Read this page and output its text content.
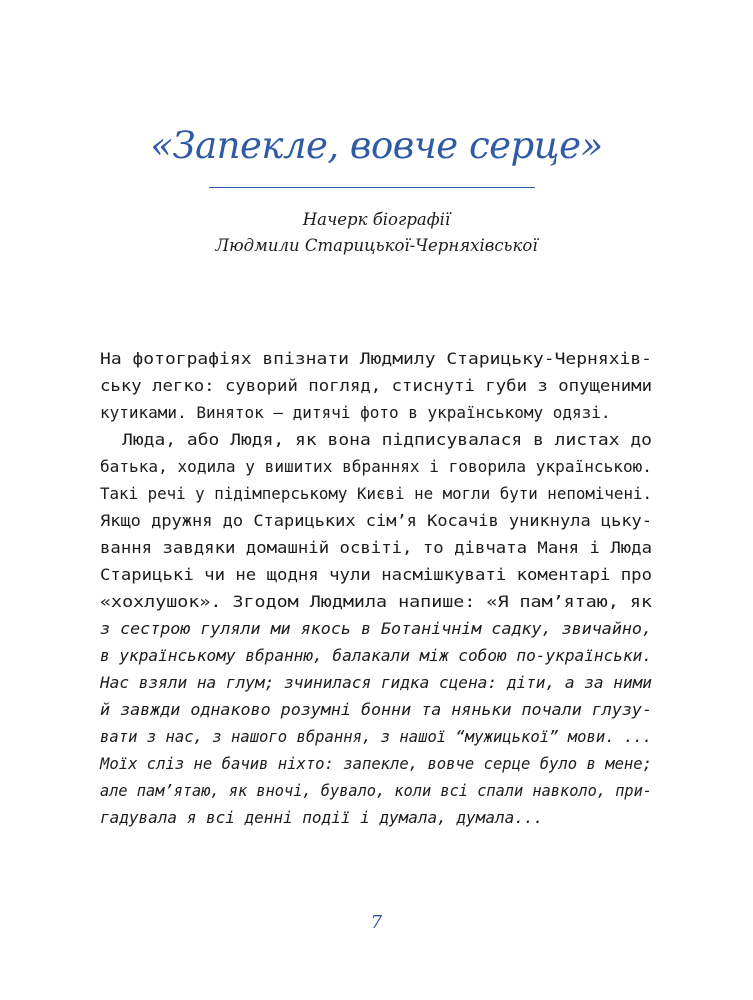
«Запекле, вовче серце»
Начерк біографії
Людмили Старицької-Черняхівської
На фотографіях впізнати Людмилу Старицьку-Черняхів-
ську легко: суворий погляд, стиснуті губи з опущеними
кутиками. Виняток — дитячі фото в українському одязі.
Люда, або Людя, як вона підписувалася в листах до
батька, ходила у вишитих вбраннях і говорила українською.
Такі речі у підімперському Києві не могли бути непомічені.
Якщо дружня до Старицьких сім’я Косачів уникнула цьку-
вання завдяки домашній освіті, то дівчата Маня і Люда
Старицькі чи не щодня чули насмішкуваті коментарі про
«хохлушок». Згодом Людмила напише: «Я пам’ятаю, як
з сестрою гуляли ми якось в Ботанічнім садку, звичайно,
в українському вбранню, балакали між собою по-українськи.
Нас взяли на глум; зчинилася гидка сцена: діти, а за ними
й завжди однаково розумні бонни та няньки почали глузу-
вати з нас, з нашого вбрання, з нашої “мужицької” мови. ...
Моїх сліз не бачив ніхто: запекле, вовче серце було в мене;
але пам’ятаю, як вночі, бувало, коли всі спали навколо, при-
гадувала я всі денні події і думала, думала...
7
